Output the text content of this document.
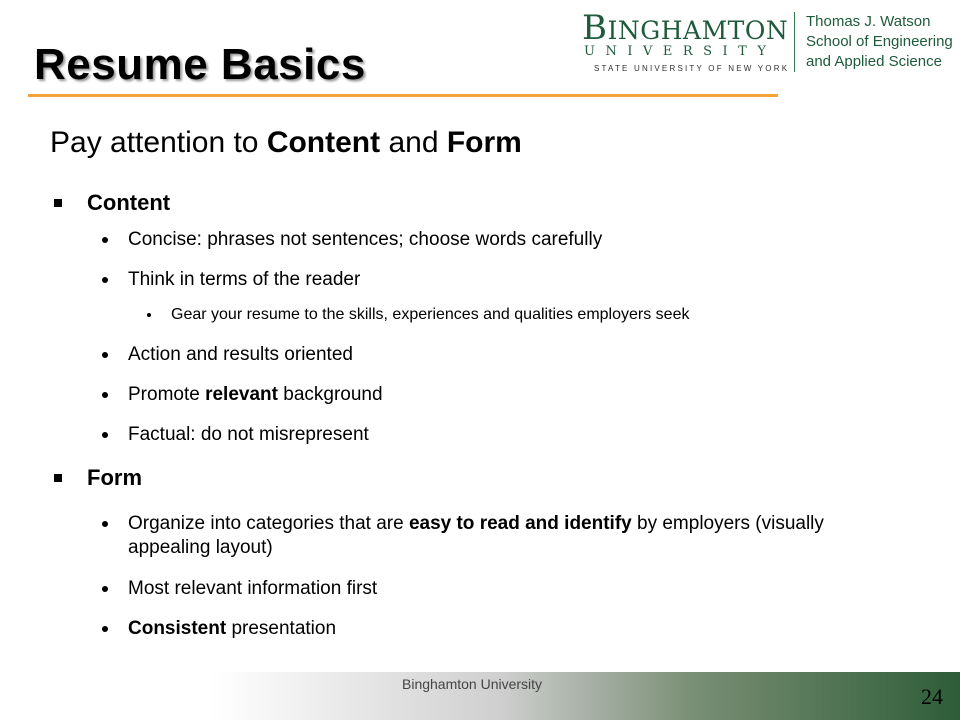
Resume Basics
BINGHAMTON
UNIVERSITY
STATE UNIVERSITY OF NEW YORK
Thomas J. Watson
School of Engineering
and Applied Science
Pay attention to Content and Form
Content
Concise: phrases not sentences; choose words carefully
Think in terms of the reader
Gear your resume to the skills, experiences and qualities employers seek
Action and results oriented
Promote relevant background
Factual: do not misrepresent
Form
Organize into categories that are easy to read and identify by employers (visually appealing layout)
Most relevant information first
Consistent presentation
Binghamton University	24
